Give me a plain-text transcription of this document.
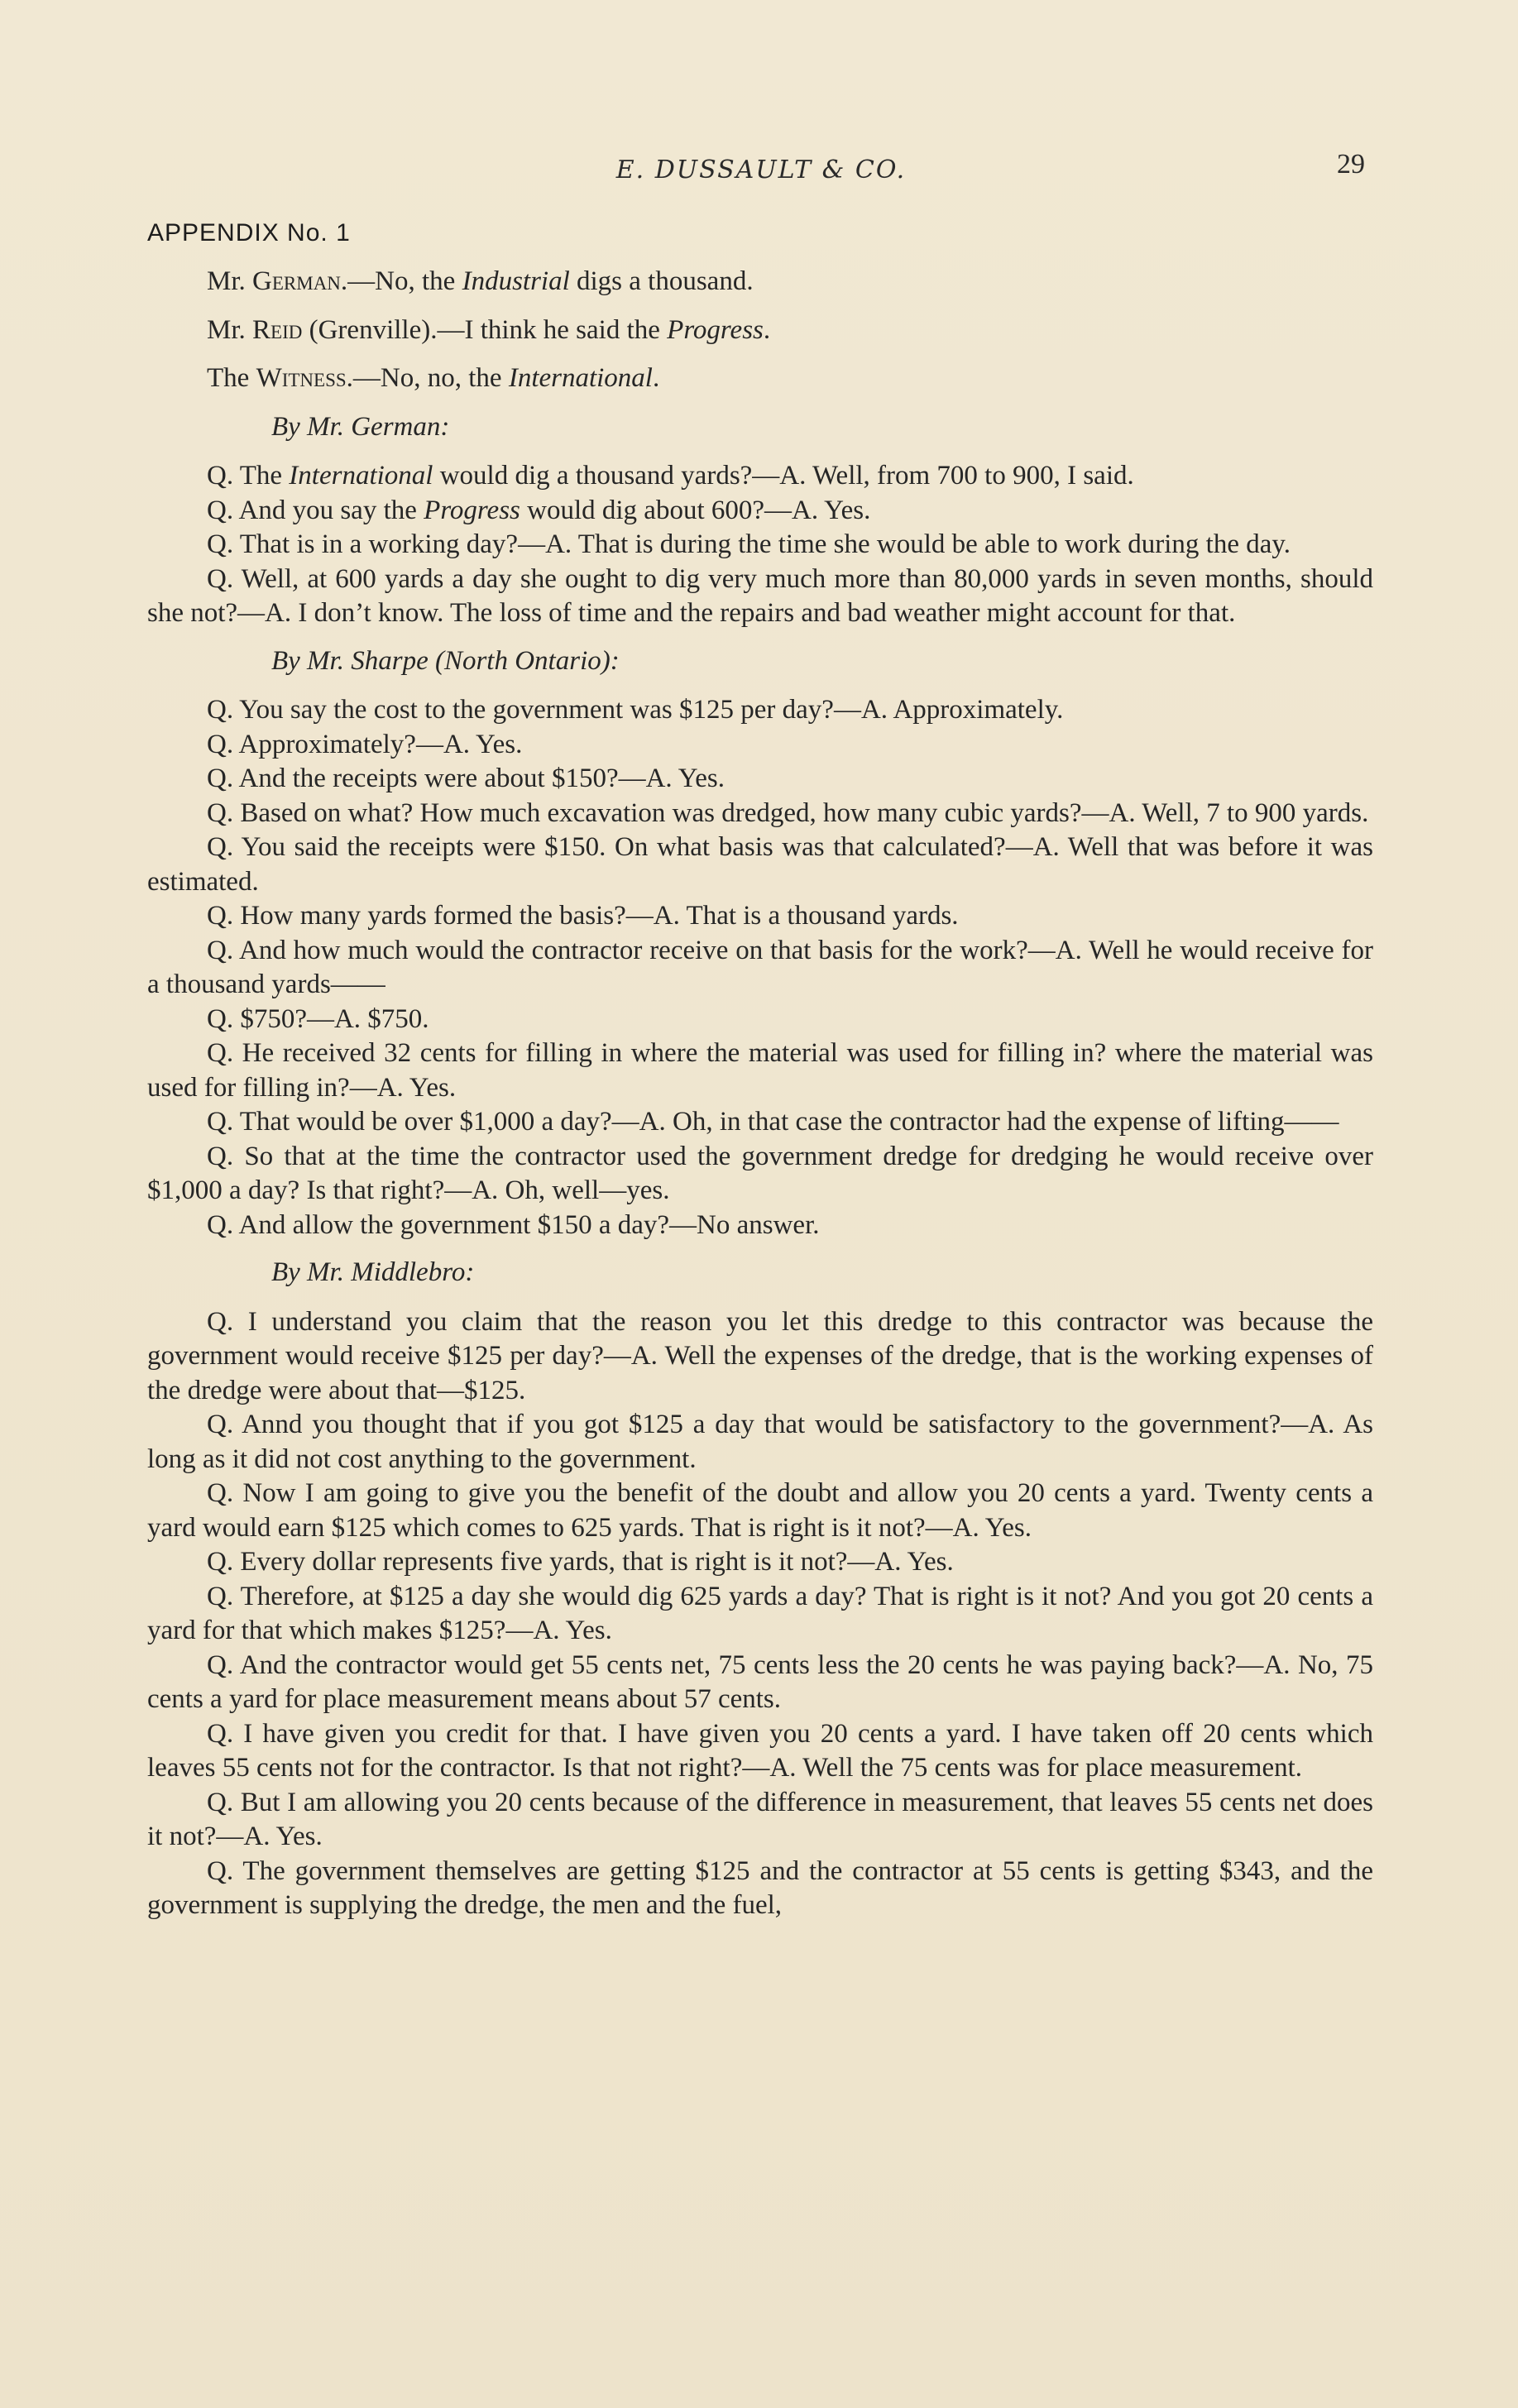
E. DUSSAULT & CO.	29
APPENDIX No. 1

Mr. German.—No, the Industrial digs a thousand.

Mr. Reid (Grenville).—I think he said the Progress.

The Witness.—No, no, the International.

By Mr. German:

Q. The International would dig a thousand yards?—A. Well, from 700 to 900, I said.

Q. And you say the Progress would dig about 600?—A. Yes.

Q. That is in a working day?—A. That is during the time she would be able to work during the day.

Q. Well, at 600 yards a day she ought to dig very much more than 80,000 yards in seven months, should she not?—A. I don’t know. The loss of time and the repairs and bad weather might account for that.

By Mr. Sharpe (North Ontario):

Q. You say the cost to the government was $125 per day?—A. Approximately.

Q. Approximately?—A. Yes.

Q. And the receipts were about $150?—A. Yes.

Q. Based on what? How much excavation was dredged, how many cubic yards?—A. Well, 7 to 900 yards.

Q. You said the receipts were $150. On what basis was that calculated?—A. Well that was before it was estimated.

Q. How many yards formed the basis?—A. That is a thousand yards.

Q. And how much would the contractor receive on that basis for the work?—A. Well he would receive for a thousand yards——

Q. $750?—A. $750.

Q. He received 32 cents for filling in where the material was used for filling in? where the material was used for filling in?—A. Yes.

Q. That would be over $1,000 a day?—A. Oh, in that case the contractor had the expense of lifting——

Q. So that at the time the contractor used the government dredge for dredging he would receive over $1,000 a day? Is that right?—A. Oh, well—yes.

Q. And allow the government $150 a day?—No answer.

By Mr. Middlebro:

Q. I understand you claim that the reason you let this dredge to this contractor was because the government would receive $125 per day?—A. Well the expenses of the dredge, that is the working expenses of the dredge were about that—$125.

Q. Annd you thought that if you got $125 a day that would be satisfactory to the government?—A. As long as it did not cost anything to the government.

Q. Now I am going to give you the benefit of the doubt and allow you 20 cents a yard. Twenty cents a yard would earn $125 which comes to 625 yards. That is right is it not?—A. Yes.

Q. Every dollar represents five yards, that is right is it not?—A. Yes.

Q. Therefore, at $125 a day she would dig 625 yards a day? That is right is it not? And you got 20 cents a yard for that which makes $125?—A. Yes.

Q. And the contractor would get 55 cents net, 75 cents less the 20 cents he was paying back?—A. No, 75 cents a yard for place measurement means about 57 cents.

Q. I have given you credit for that. I have given you 20 cents a yard. I have taken off 20 cents which leaves 55 cents not for the contractor. Is that not right?—A. Well the 75 cents was for place measurement.

Q. But I am allowing you 20 cents because of the difference in measurement, that leaves 55 cents net does it not?—A. Yes.

Q. The government themselves are getting $125 and the contractor at 55 cents is getting $343, and the government is supplying the dredge, the men and the fuel,
